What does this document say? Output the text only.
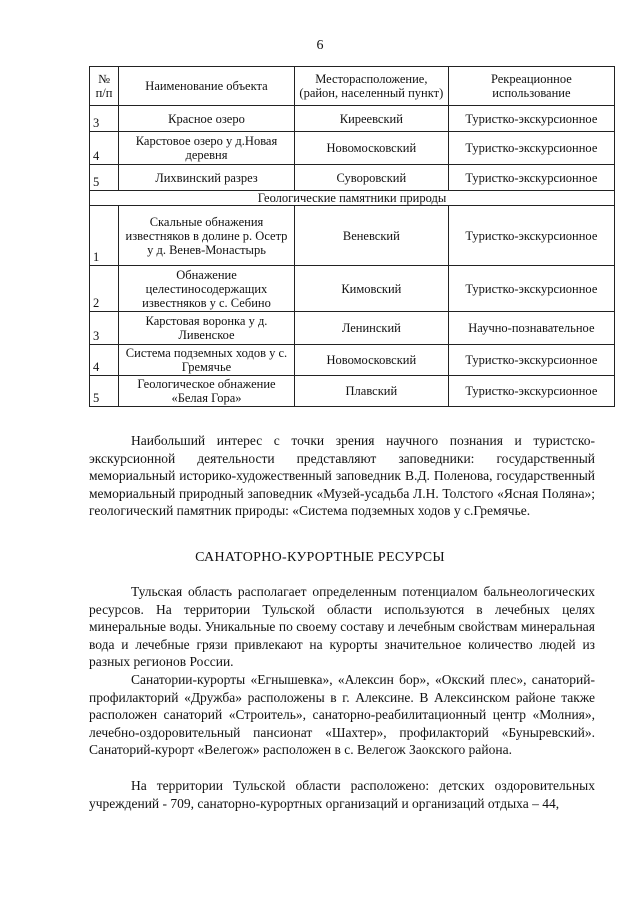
6
№ п/п	Наименование объекта	Месторасположение, (район, населенный пункт)	Рекреационное использование
3	Красное озеро	Киреевский	Туристко-экскурсионное
4	Карстовое озеро у д.Новая деревня	Новомосковский	Туристко-экскурсионное
5	Лихвинский разрез	Суворовский	Туристко-экскурсионное
Геологические памятники природы			
1	Скальные обнажения известняков в долине р. Осетр у д. Венев-Монастырь	Веневский	Туристко-экскурсионное
2	Обнажение целестиносодержащих известняков у с. Себино	Кимовский	Туристко-экскурсионное
3	Карстовая воронка у д. Ливенское	Ленинский	Научно-познавательное
4	Система подземных ходов у с. Гремячье	Новомосковский	Туристко-экскурсионное
5	Геологическое обнажение «Белая Гора»	Плавский	Туристко-экскурсионное

Наибольший интерес с точки зрения научного познания и туристско-экскурсионной деятельности представляют заповедники: государственный мемориальный историко-художественный заповедник В.Д. Поленова, государственный мемориальный природный заповедник «Музей-усадьба Л.Н. Толстого «Ясная Поляна»; геологический памятник природы: «Система подземных ходов у с.Гремячье.

САНАТОРНО-КУРОРТНЫЕ РЕСУРСЫ

Тульская область располагает определенным потенциалом бальнеологических ресурсов. На территории Тульской области используются в лечебных целях минеральные воды. Уникальные по своему составу и лечебным свойствам минеральная вода и лечебные грязи привлекают на курорты значительное количество людей из разных регионов России.

Санатории-курорты «Егнышевка», «Алексин бор», «Окский плес», санаторий-профилакторий «Дружба» расположены в г. Алексине. В Алексинском районе также расположен санаторий «Строитель», санаторно-реабилитационный центр «Молния», лечебно-оздоровительный пансионат «Шахтер», профилакторий «Буныревский». Санаторий-курорт «Велегож» расположен в с. Велегож Заокского района.

На территории Тульской области расположено: детских оздоровительных учреждений - 709, санаторно-курортных организаций и организаций отдыха – 44,
